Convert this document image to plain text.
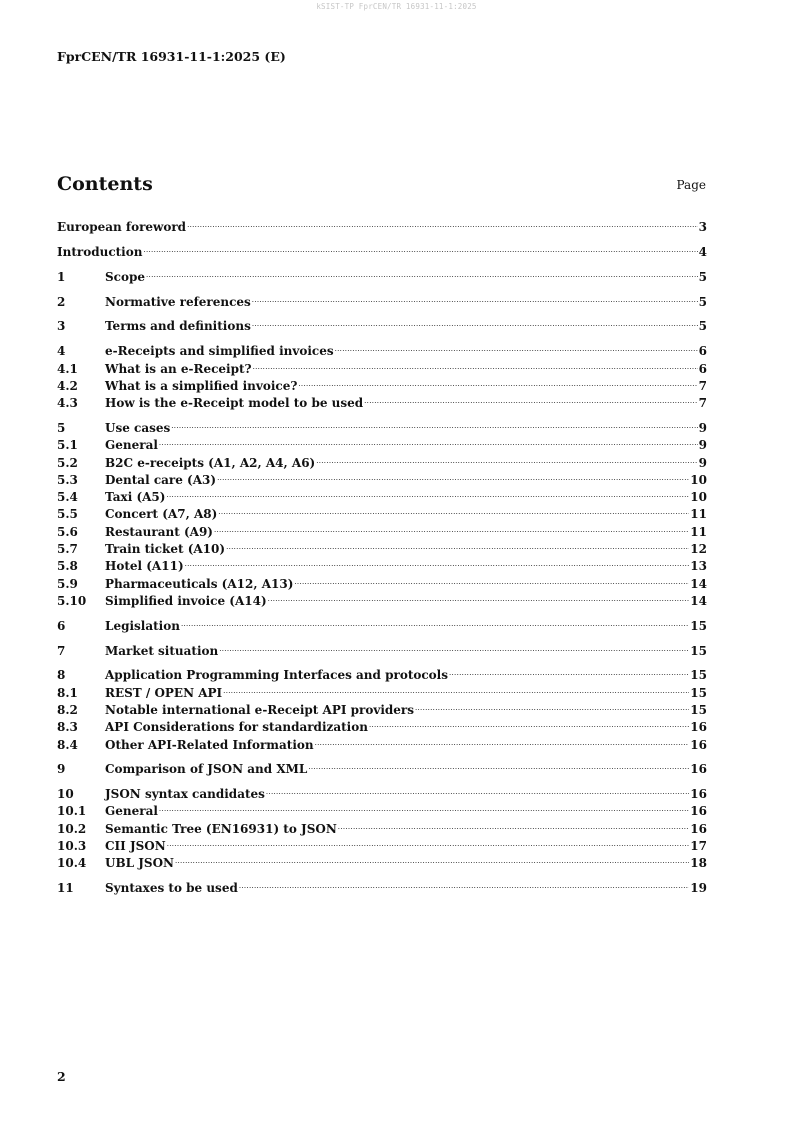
kSIST-TP FprCEN/TR 16931-11-1:2025
FprCEN/TR 16931-11-1:2025 (E)
Contents	Page
European foreword .....	3
Introduction .....	4
1	Scope .....	5
2	Normative references .....	5
3	Terms and definitions .....	5
4	e-Receipts and simplified invoices .....	6
4.1	What is an e-Receipt? .....	6
4.2	What is a simplified invoice? .....	7
4.3	How is the e-Receipt model to be used .....	7
5	Use cases .....	9
5.1	General .....	9
5.2	B2C e-receipts (A1, A2, A4, A6) .....	9
5.3	Dental care (A3) .....	10
5.4	Taxi (A5) .....	10
5.5	Concert (A7, A8) .....	11
5.6	Restaurant (A9) .....	11
5.7	Train ticket (A10) .....	12
5.8	Hotel (A11) .....	13
5.9	Pharmaceuticals (A12, A13) .....	14
5.10	Simplified invoice (A14) .....	14
6	Legislation .....	15
7	Market situation .....	15
8	Application Programming Interfaces and protocols .....	15
8.1	REST / OPEN API .....	15
8.2	Notable international e-Receipt API providers .....	15
8.3	API Considerations for standardization .....	16
8.4	Other API-Related Information .....	16
9	Comparison of JSON and XML .....	16
10	JSON syntax candidates .....	16
10.1	General .....	16
10.2	Semantic Tree (EN16931) to JSON .....	16
10.3	CII JSON .....	17
10.4	UBL JSON .....	18
11	Syntaxes to be used .....	19
2
